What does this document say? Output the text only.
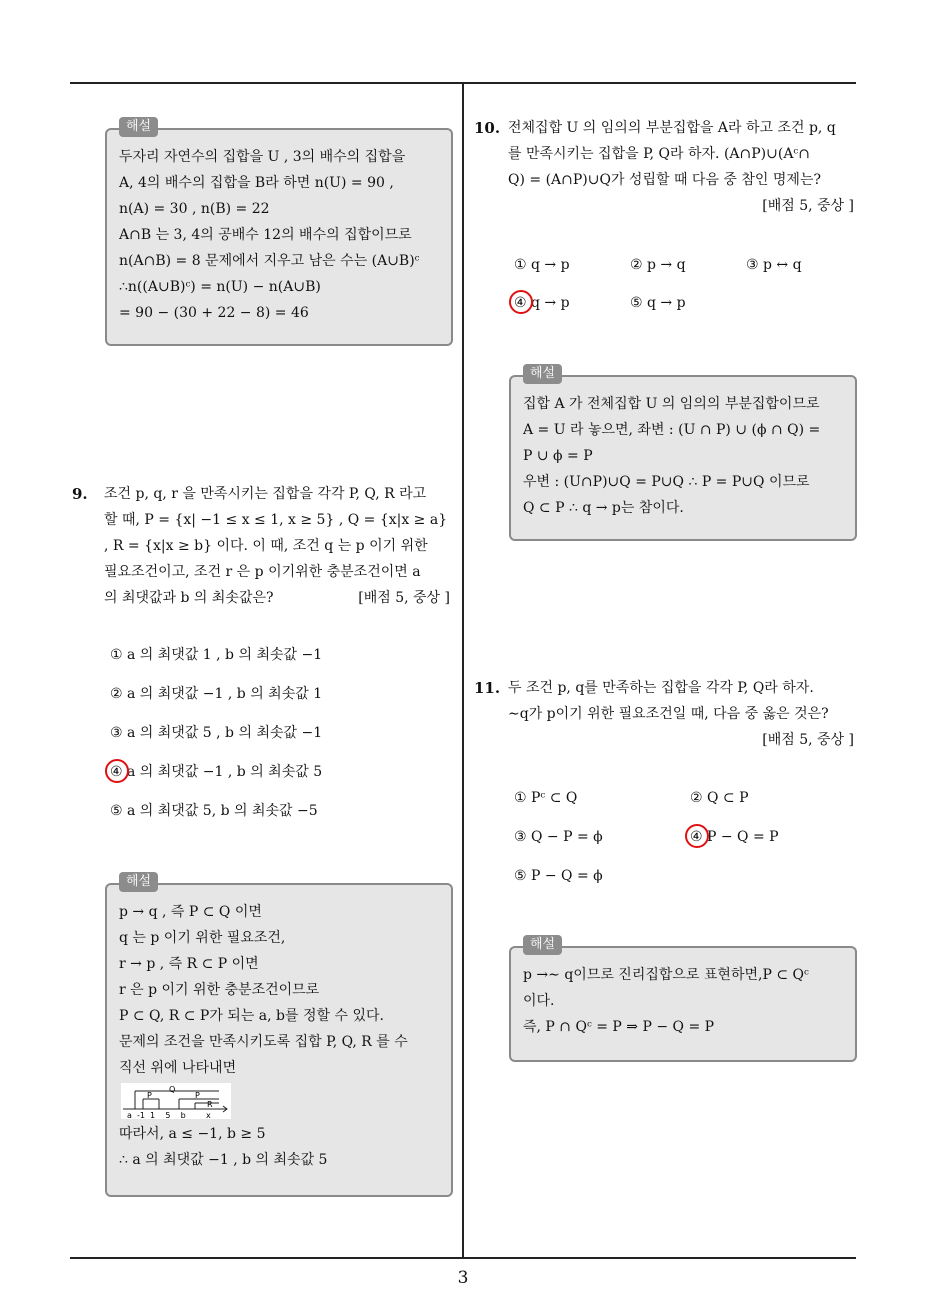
해설
두자리 자연수의 집합을 U , 3의 배수의 집합을
A, 4의 배수의 집합을 B라 하면 n(U) = 90 ,
n(A) = 30 , n(B) = 22
A∩B 는 3, 4의 공배수 12의 배수의 집합이므로
n(A∩B) = 8 문제에서 지우고 남은 수는 (A∪B)ᶜ
∴n((A∪B)ᶜ) = n(U) − n(A∪B)
= 90 − (30 + 22 − 8) = 46
9. 조건 p, q, r 을 만족시키는 집합을 각각 P, Q, R 라고
할 때, P = {x| −1 ≤ x ≤ 1, x ≥ 5} , Q = {x|x ≥ a}
, R = {x|x ≥ b} 이다. 이 때, 조건 q 는 p 이기 위한
필요조건이고, 조건 r 은 p 이기위한 충분조건이면 a
의 최댓값과 b 의 최솟값은?	[배점 5, 중상 ]
① a 의 최댓값 1 , b 의 최솟값 −1
② a 의 최댓값 −1 , b 의 최솟값 1
③ a 의 최댓값 5 , b 의 최솟값 −1
④ a 의 최댓값 −1 , b 의 최솟값 5
⑤ a 의 최댓값 5, b 의 최솟값 −5
해설
p → q , 즉 P ⊂ Q 이면
q 는 p 이기 위한 필요조건,
r → p , 즉 R ⊂ P 이면
r 은 p 이기 위한 충분조건이므로
P ⊂ Q, R ⊂ P가 되는 a, b를 정할 수 있다.
문제의 조건을 만족시키도록 집합 P, Q, R 를 수
직선 위에 나타내면
Q
P	P
R
a  -1  1    5    b        x
따라서, a ≤ −1, b ≥ 5
∴ a 의 최댓값 −1 , b 의 최솟값 5
10. 전체집합 U 의 임의의 부분집합을 A라 하고 조건 p, q
를 만족시키는 집합을 P, Q라 하자. (A∩P)∪(Aᶜ∩
Q) = (A∩P)∪Q가 성립할 때 다음 중 참인 명제는?
[배점 5, 중상 ]
① q → p	② p → q	③ p ↔ q
④ q → p	⑤ q → p
해설
집합 A 가 전체집합 U 의 임의의 부분집합이므로
A = U 라 놓으면, 좌변 : (U ∩ P) ∪ (ϕ ∩ Q) =
P ∪ ϕ = P
우변 : (U∩P)∪Q = P∪Q ∴ P = P∪Q 이므로
Q ⊂ P ∴ q → p는 참이다.
11. 두 조건 p, q를 만족하는 집합을 각각 P, Q라 하자.
∼q가 p이기 위한 필요조건일 때, 다음 중 옳은 것은?
[배점 5, 중상 ]
① Pᶜ ⊂ Q	② Q ⊂ P
③ Q − P = ϕ	④ P − Q = P
⑤ P − Q = ϕ
해설
p →∼ q이므로 진리집합으로 표현하면,P ⊂ Qᶜ
이다.
즉, P ∩ Qᶜ = P ⇒ P − Q = P
3
